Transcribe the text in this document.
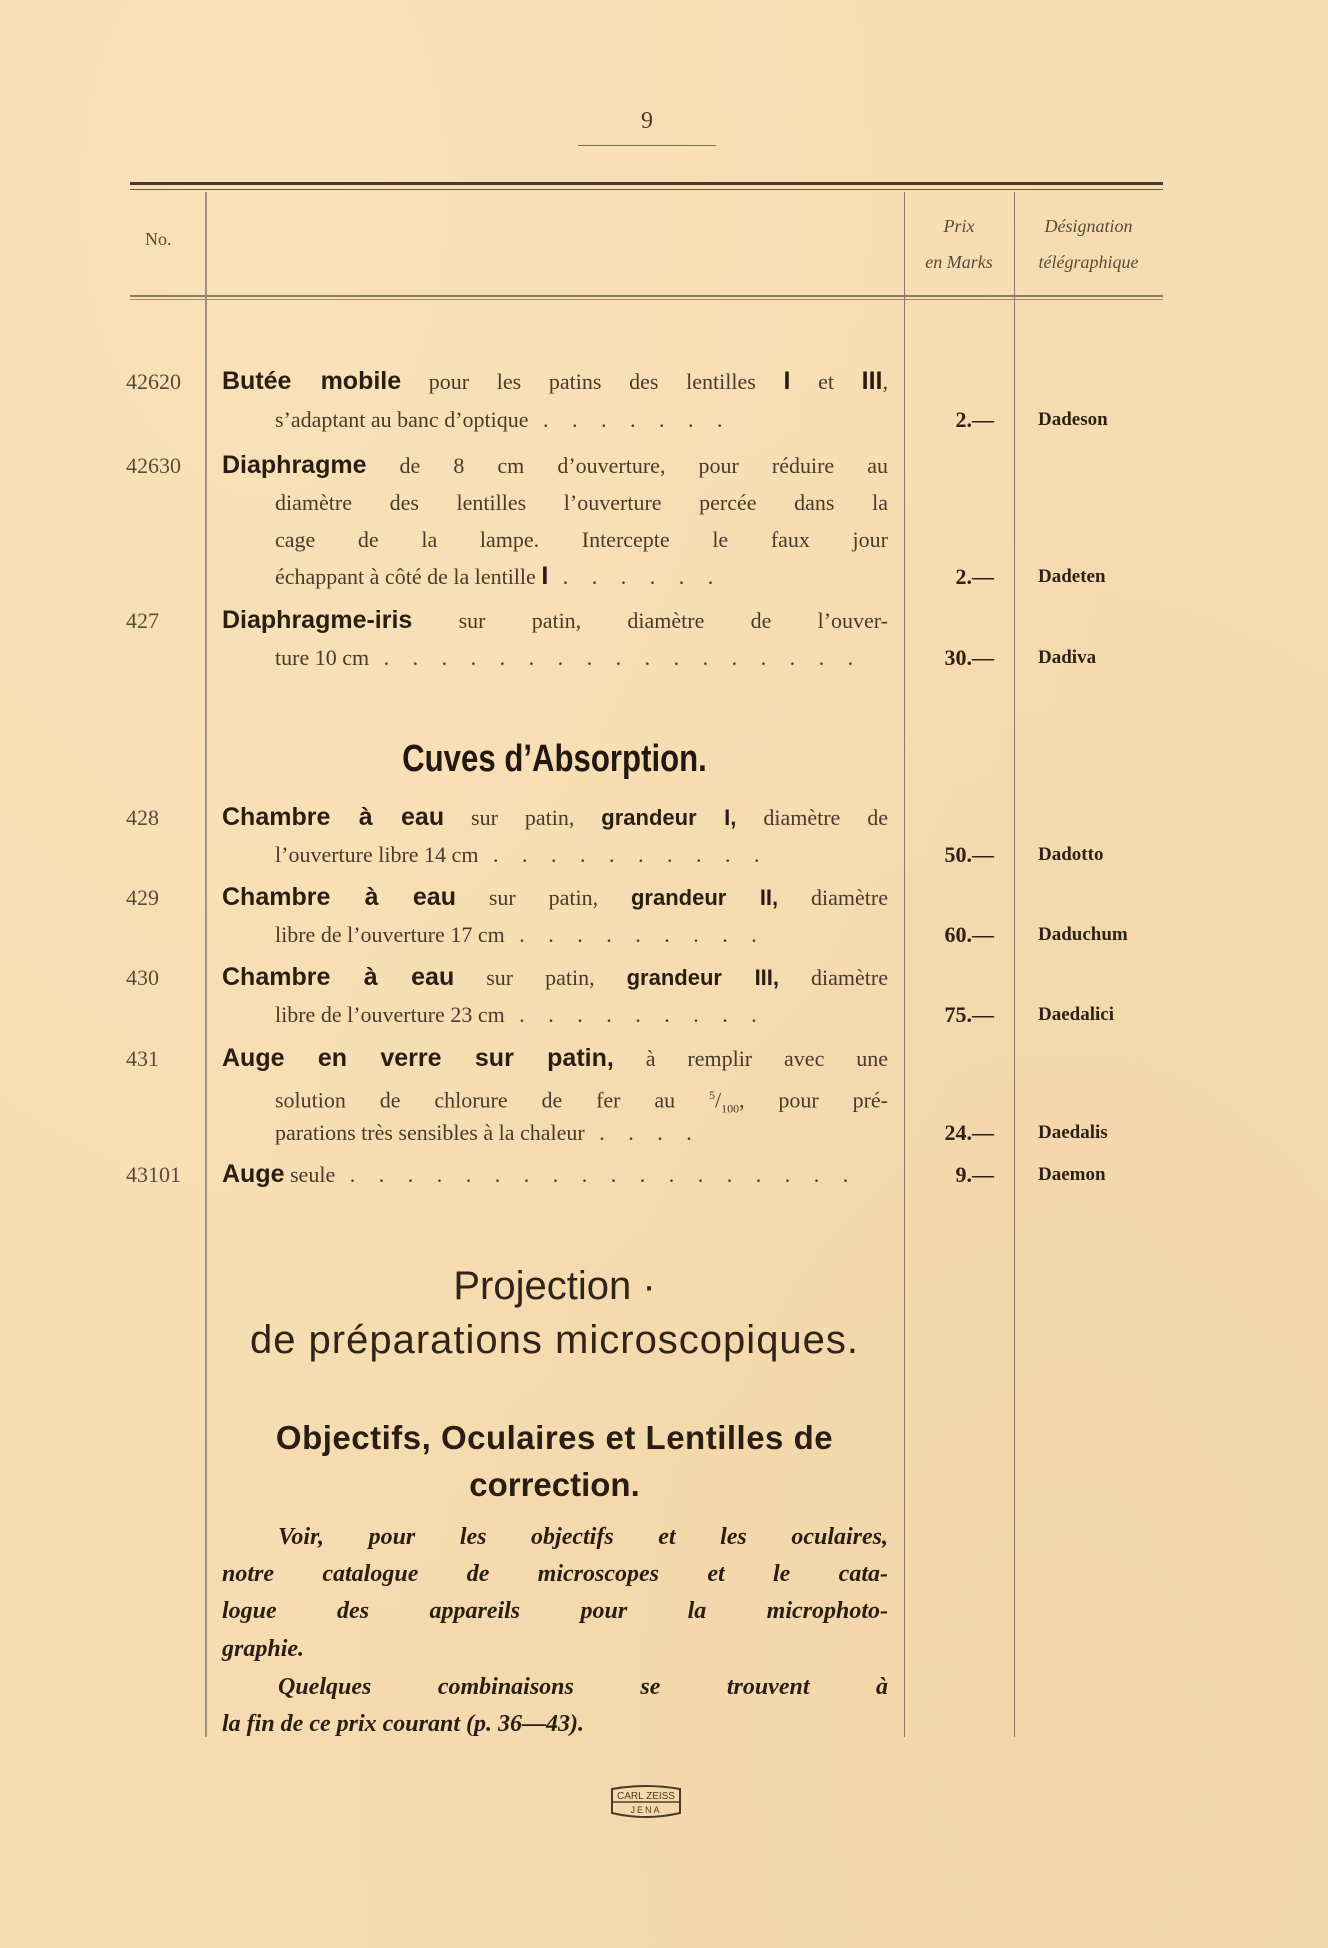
9
No.
Prix
en Marks
Désignation
télégraphique
42620	Butée mobile pour les patins des lentilles I et III,
s’adaptant au banc d’optique . . . . . . .	2.— Dadeson
42630	Diaphragme de 8 cm d’ouverture, pour réduire au
diamètre des lentilles l’ouverture percée dans la
cage de la lampe. Intercepte le faux jour
échappant à côté de la lentille I . . . . . .	2.— Dadeten
427	Diaphragme-iris sur patin, diamètre de l’ouver-
ture 10 cm . . . . . . . . . . . . . . . . .	30.— Dadiva
Cuves d’Absorption.
428	Chambre à eau sur patin, grandeur I, diamètre de
l’ouverture libre 14 cm . . . . . . . . . .	50.— Dadotto
429	Chambre à eau sur patin, grandeur II, diamètre
libre de l’ouverture 17 cm . . . . . . . . .	60.— Daduchum
430	Chambre à eau sur patin, grandeur III, diamètre
libre de l’ouverture 23 cm . . . . . . . . .	75.— Daedalici
431	Auge en verre sur patin, à remplir avec une
solution de chlorure de fer au $^5/_{100}$, pour pré-
parations très sensibles à la chaleur . . . .	24.— Daedalis
43101	Auge seule . . . . . . . . . . . . . . . . . .	9.— Daemon
Projection ·
de préparations microscopiques.
Objectifs, Oculaires et Lentilles de
correction.
Voir, pour les objectifs et les oculaires,
notre catalogue de microscopes et le cata-
logue des appareils pour la microphoto-
graphie.
Quelques combinaisons se trouvent à
la fin de ce prix courant (p. 36—43).
CARL ZEISS
JENA
